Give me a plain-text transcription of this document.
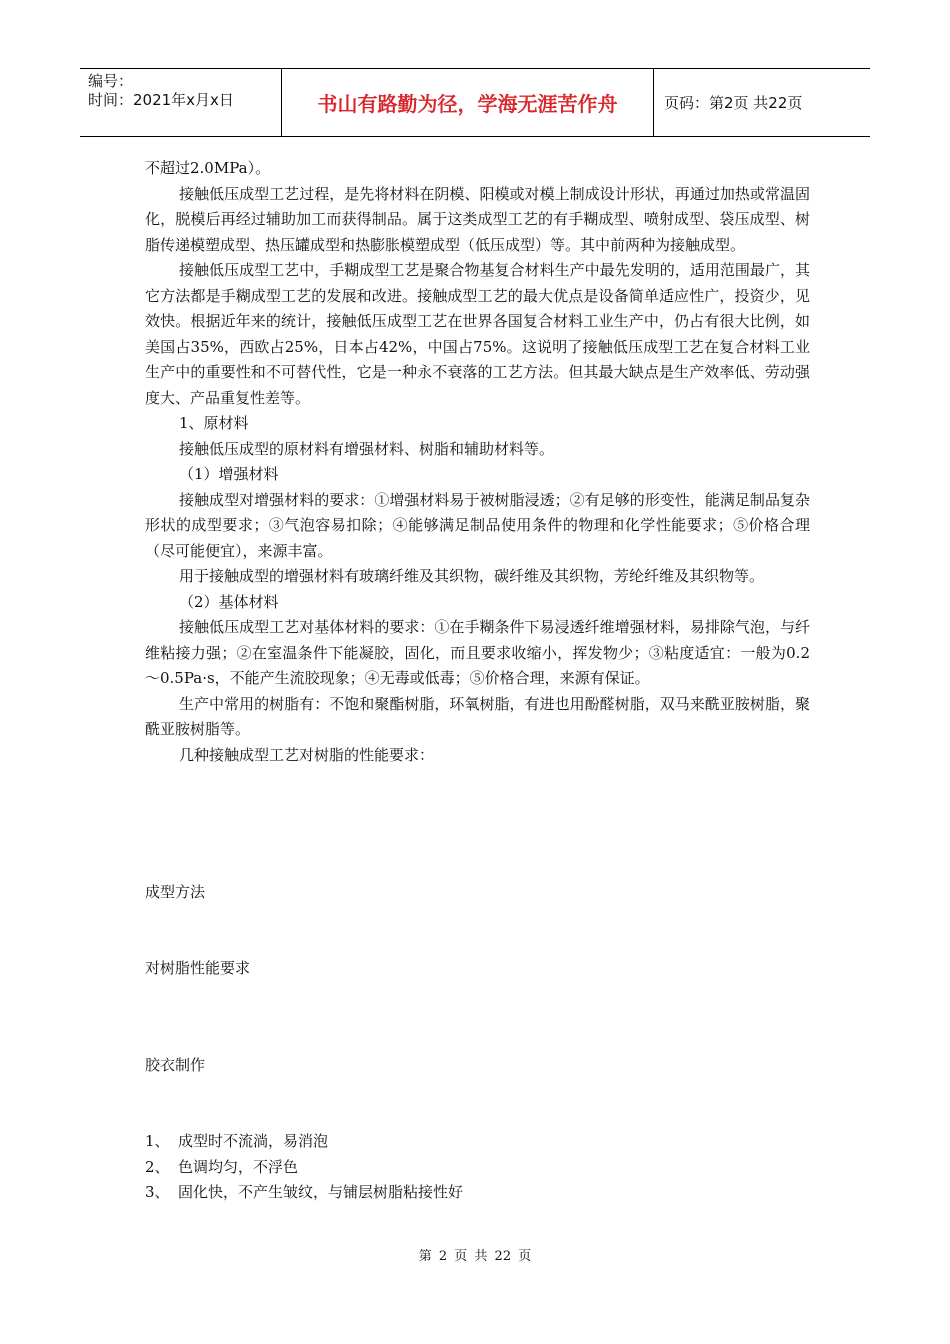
编号：
时间：2021年x月x日	书山有路勤为径，学海无涯苦作舟	页码：第2页 共22页

不超过2.0MPa）。

接触低压成型工艺过程，是先将材料在阴模、阳模或对模上制成设计形状，再通过加热或常温固化，脱模后再经过辅助加工而获得制品。属于这类成型工艺的有手糊成型、喷射成型、袋压成型、树脂传递模塑成型、热压罐成型和热膨胀模塑成型（低压成型）等。其中前两种为接触成型。

接触低压成型工艺中，手糊成型工艺是聚合物基复合材料生产中最先发明的，适用范围最广，其它方法都是手糊成型工艺的发展和改进。接触成型工艺的最大优点是设备简单适应性广，投资少，见效快。根据近年来的统计，接触低压成型工艺在世界各国复合材料工业生产中，仍占有很大比例，如美国占35%，西欧占25%，日本占42%，中国占75%。这说明了接触低压成型工艺在复合材料工业生产中的重要性和不可替代性，它是一种永不衰落的工艺方法。但其最大缺点是生产效率低、劳动强度大、产品重复性差等。

1、原材料

接触低压成型的原材料有增强材料、树脂和辅助材料等。

（1）增强材料

接触成型对增强材料的要求：①增强材料易于被树脂浸透；②有足够的形变性，能满足制品复杂形状的成型要求；③气泡容易扣除；④能够满足制品使用条件的物理和化学性能要求；⑤价格合理（尽可能便宜），来源丰富。

用于接触成型的增强材料有玻璃纤维及其织物，碳纤维及其织物，芳纶纤维及其织物等。

（2）基体材料

接触低压成型工艺对基体材料的要求：①在手糊条件下易浸透纤维增强材料，易排除气泡，与纤维粘接力强；②在室温条件下能凝胶，固化，而且要求收缩小，挥发物少；③粘度适宜：一般为0.2～0.5Pa·s，不能产生流胶现象；④无毒或低毒；⑤价格合理，来源有保证。

生产中常用的树脂有：不饱和聚酯树脂，环氧树脂，有进也用酚醛树脂，双马来酰亚胺树脂，聚酰亚胺树脂等。

几种接触成型工艺对树脂的性能要求：

成型方法
对树脂性能要求
胶衣制作
1、 成型时不流淌，易消泡
2、 色调均匀，不浮色
3、 固化快，不产生皱纹，与铺层树脂粘接性好
第 2 页 共 22 页
